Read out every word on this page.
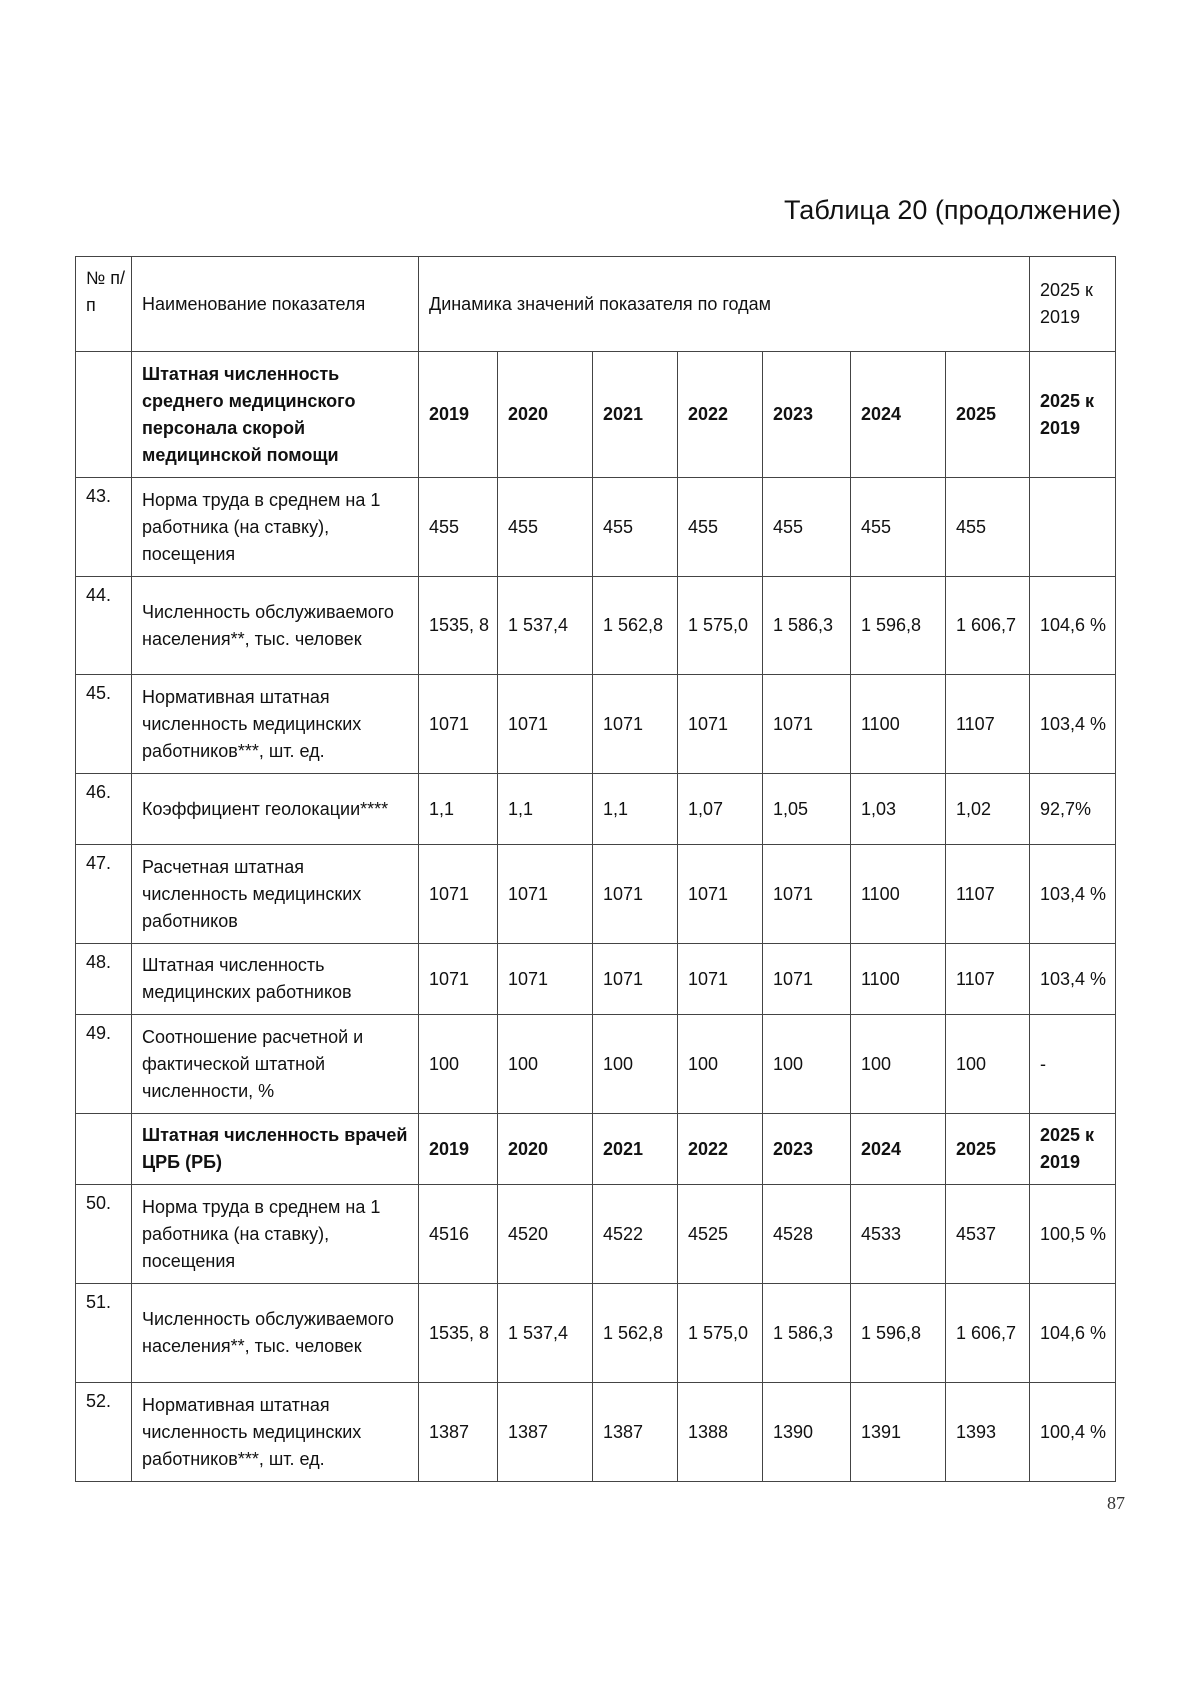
Таблица 20 (продолжение)
№ п/п	Наименование показателя	Динамика значений показателя по годам							2025 к 2019
	Штатная численность среднего медицинского персонала скорой медицинской помощи	2019	2020	2021	2022	2023	2024	2025	2025 к 2019
43.	Норма труда в среднем на 1 работника (на ставку), посещения	455	455	455	455	455	455	455	
44.	Численность обслуживаемого населения**, тыс. человек	1535, 8	1 537,4	1 562,8	1 575,0	1 586,3	1 596,8	1 606,7	104,6 %
45.	Нормативная штатная численность медицинских работников***, шт. ед.	1071	1071	1071	1071	1071	1100	1107	103,4 %
46.	Коэффициент геолокации****	1,1	1,1	1,1	1,07	1,05	1,03	1,02	92,7%
47.	Расчетная штатная численность медицинских работников	1071	1071	1071	1071	1071	1100	1107	103,4 %
48.	Штатная численность медицинских работников	1071	1071	1071	1071	1071	1100	1107	103,4 %
49.	Соотношение расчетной и фактической штатной численности, %	100	100	100	100	100	100	100	-
	Штатная численность врачей ЦРБ (РБ)	2019	2020	2021	2022	2023	2024	2025	2025 к 2019
50.	Норма труда в среднем на 1 работника (на ставку), посещения	4516	4520	4522	4525	4528	4533	4537	100,5 %
51.	Численность обслуживаемого населения**, тыс. человек	1535, 8	1 537,4	1 562,8	1 575,0	1 586,3	1 596,8	1 606,7	104,6 %
52.	Нормативная штатная численность медицинских работников***, шт. ед.	1387	1387	1387	1388	1390	1391	1393	100,4 %
87
